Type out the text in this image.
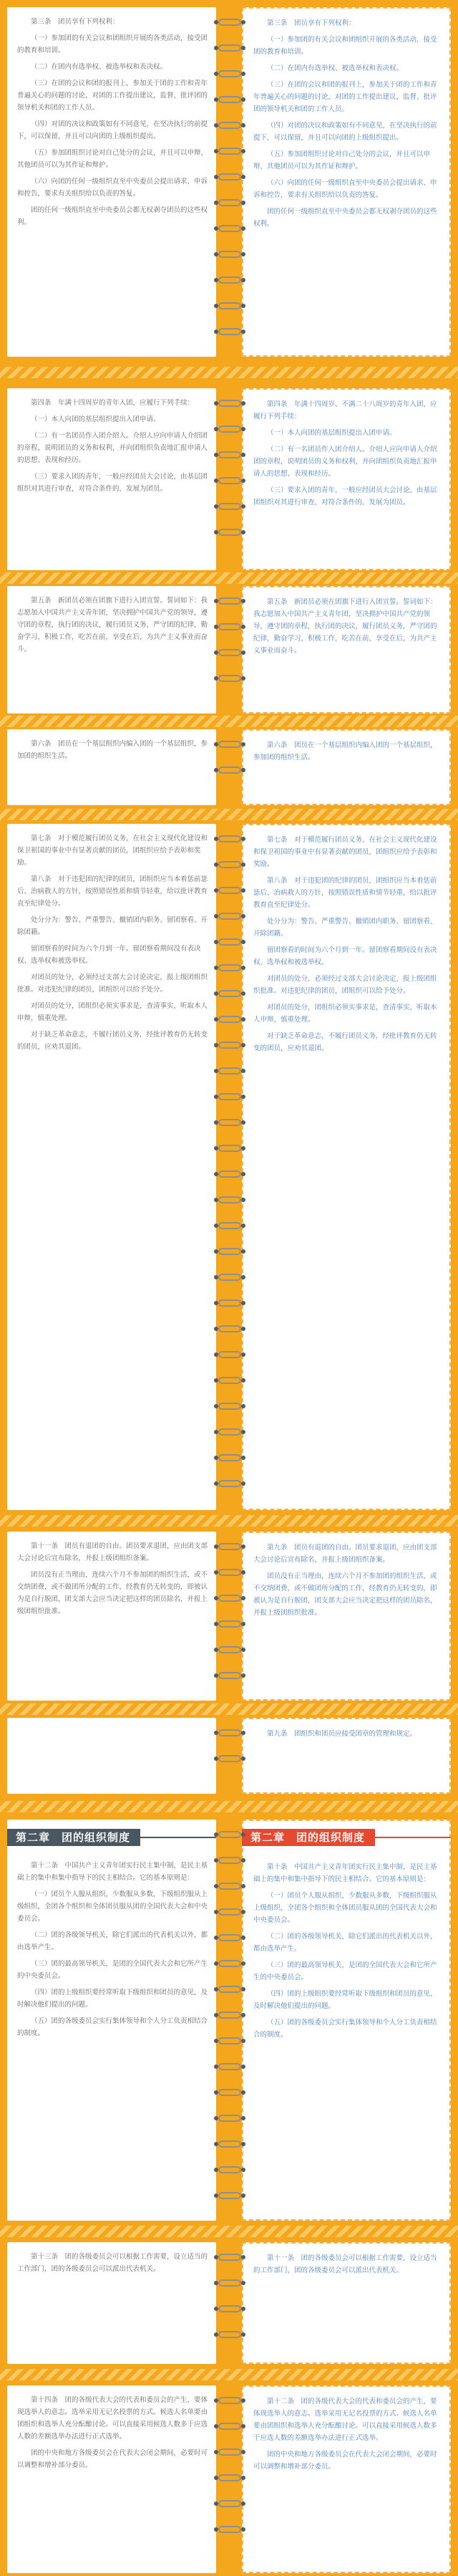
第三条　团员享有下列权利：

（一）参加团的有关会议和团组织开展的各类活动，接受团的教育和培训。

（二）在团内有选举权、被选举权和表决权。

（三）在团的会议和团的报刊上，参加关于团的工作和青年普遍关心的问题的讨论，对团的工作提出建议，监督、批评团的领导机关和团的工作人员。

（四）对团的决议和政策如有不同意见，在坚决执行的前提下，可以保留，并且可以向团的上级组织提出。

（五）参加团组织讨论对自己处分的会议，并且可以申辩，其他团员可以为其作证和辩护。

（六）向团的任何一级组织直至中央委员会提出请求、申诉和控告，要求有关组织给以负责的答复。

团的任何一级组织直至中央委员会都无权剥夺团员的这些权利。

第三条　团员享有下列权利：

（一）参加团的有关会议和团组织开展的各类活动，接受团的教育和培训。

（二）在团内有选举权、被选举权和表决权。

（三）在团的会议和团的报刊上，参加关于团的工作和青年普遍关心的问题的讨论，对团的工作提出建议，监督、批评团的领导机关和团的工作人员。

（四）对团的决议和政策如有不同意见，在坚决执行的前提下，可以保留，并且可以向团的上级组织提出。

（五）参加团组织讨论对自己处分的会议，并且可以申辩，其他团员可以为其作证和辩护。

（六）向团的任何一级组织直至中央委员会提出请求、申诉和控告，要求有关组织给以负责的答复。

团的任何一级组织直至中央委员会都无权剥夺团员的这些权利。

第四条　年满十四周岁的青年入团，应履行下列手续：

（一）本人向团的基层组织提出入团申请。

（二）有一名团员作入团介绍人。介绍人应向申请人介绍团的章程，说明团员的义务和权利，并向团组织负责地汇报申请人的思想、表现和经历。

（三）要求入团的青年，一般应经团员大会讨论，由基层团组织对其进行审查，对符合条件的，发展为团员。

第四条　年满十四周岁、不满二十八周岁的青年入团，应履行下列手续：

（一）本人向团的基层组织提出入团申请。

（二）有一名团员作入团介绍人。介绍人应向申请人介绍团的章程，说明团员的义务和权利，并向团组织负责地汇报申请人的思想、表现和经历。

（三）要求入团的青年，一般应经团员大会讨论，由基层团组织对其进行审查，对符合条件的，发展为团员。

第五条　新团员必须在团旗下进行入团宣誓。誓词如下：我志愿加入中国共产主义青年团，坚决拥护中国共产党的领导，遵守团的章程，执行团的决议，履行团员义务，严守团的纪律，勤奋学习，积极工作，吃苦在前，享受在后，为共产主义事业而奋斗。

第五条　新团员必须在团旗下进行入团宣誓。誓词如下：我志愿加入中国共产主义青年团，坚决拥护中国共产党的领导，遵守团的章程，执行团的决议，履行团员义务，严守团的纪律，勤奋学习，积极工作，吃苦在前，享受在后，为共产主义事业而奋斗。

第六条　团员在一个基层组织内编入团的一个基层组织，参加团的组织生活。

第六条　团员在一个基层组织内编入团的一个基层组织，参加团的组织生活。

第七条　对于模范履行团员义务，在社会主义现代化建设和保卫祖国的事业中有显著贡献的团员，团组织应给予表彰和奖励。

第八条　对于违犯团的纪律的团员，团组织应当本着惩前毖后、治病救人的方针，按照错误性质和情节轻重，给以批评教育直至纪律处分。

处分分为：警告、严重警告、撤销团内职务、留团察看、开除团籍。

留团察看的时间为六个月到一年。留团察看期间没有表决权、选举权和被选举权。

对团员的处分，必须经过支部大会讨论决定，报上级团组织批准。对违犯纪律的团员，团组织可以给予处分。

对团员的处分，团组织必须实事求是，查清事实，听取本人申辩，慎重处理。

对于缺乏革命意志，不履行团员义务，经批评教育仍无转变的团员，应劝其退团。

第七条　对于模范履行团员义务，在社会主义现代化建设和保卫祖国的事业中有显著贡献的团员，团组织应给予表彰和奖励。

第八条　对于违犯团的纪律的团员，团组织应当本着惩前毖后、治病救人的方针，按照错误性质和情节轻重，给以批评教育直至纪律处分。

处分分为：警告、严重警告、撤销团内职务、留团察看、开除团籍。

留团察看的时间为六个月到一年。留团察看期间没有表决权、选举权和被选举权。

对团员的处分，必须经过支部大会讨论决定，报上级团组织批准。对违犯纪律的团员，团组织可以给予处分。

对团员的处分，团组织必须实事求是，查清事实，听取本人申辩，慎重处理。

对于缺乏革命意志，不履行团员义务，经批评教育仍无转变的团员，应劝其退团。

第十一条　团员有退团的自由。团员要求退团，应由团支部大会讨论后宣布除名，并报上级团组织备案。

团员没有正当理由，连续六个月不参加团的组织生活，或不交纳团费，或不做团所分配的工作，经教育仍无转变的，即被认为是自行脱团，团支部大会应当决定把这样的团员除名，并报上级团组织批准。

第九条　团员有退团的自由。团员要求退团，应由团支部大会讨论后宣布除名，并报上级团组织备案。

团员没有正当理由，连续六个月不参加团的组织生活，或不交纳团费，或不做团所分配的工作，经教育仍无转变的，即被认为是自行脱团，团支部大会应当决定把这样的团员除名，并报上级团组织批准。

第九条　团组织和团员应接受团章的管理和规定。

第十二条　中国共产主义青年团实行民主集中制，是民主基础上的集中和集中指导下的民主相结合。它的基本原则是：

（一）团员个人服从组织，少数服从多数，下级组织服从上级组织，全团各个组织和全体团员服从团的全国代表大会和中央委员会。

（二）团的各级领导机关，除它们派出的代表机关以外，都由选举产生。

（三）团的最高领导机关，是团的全国代表大会和它所产生的中央委员会。

（四）团的上级组织要经常听取下级组织和团员的意见，及时解决他们提出的问题。

（五）团的各级委员会实行集体领导和个人分工负责相结合的制度。

第十条　中国共产主义青年团实行民主集中制，是民主基础上的集中和集中指导下的民主相结合。它的基本原则是：

（一）团员个人服从组织，少数服从多数，下级组织服从上级组织，全团各个组织和全体团员服从团的全国代表大会和中央委员会。

（二）团的各级领导机关，除它们派出的代表机关以外，都由选举产生。

（三）团的最高领导机关，是团的全国代表大会和它所产生的中央委员会。

（四）团的上级组织要经常听取下级组织和团员的意见，及时解决他们提出的问题。

（五）团的各级委员会实行集体领导和个人分工负责相结合的制度。

第二章　团的组织制度	第二章　团的组织制度

第十三条　团的各级委员会可以根据工作需要，设立适当的工作部门，团的各级委员会可以派出代表机关。

第十一条　团的各级委员会可以根据工作需要，设立适当的工作部门，团的各级委员会可以派出代表机关。

第十四条　团的各级代表大会的代表和委员会的产生，要体现选举人的意志。选举采用无记名投票的方式。候选人名单要由团组织和选举人充分酝酿讨论。可以直接采用候选人数多于应选人数的差额选举办法进行正式选举。

团的中央和地方各级委员会在代表大会闭会期间，必要时可以调整和增补部分委员。

第十二条　团的各级代表大会的代表和委员会的产生，要体现选举人的意志。选举采用无记名投票的方式。候选人名单要由团组织和选举人充分酝酿讨论。可以直接采用候选人数多于应选人数的差额选举办法进行正式选举。

团的中央和地方各级委员会在代表大会闭会期间，必要时可以调整和增补部分委员。
